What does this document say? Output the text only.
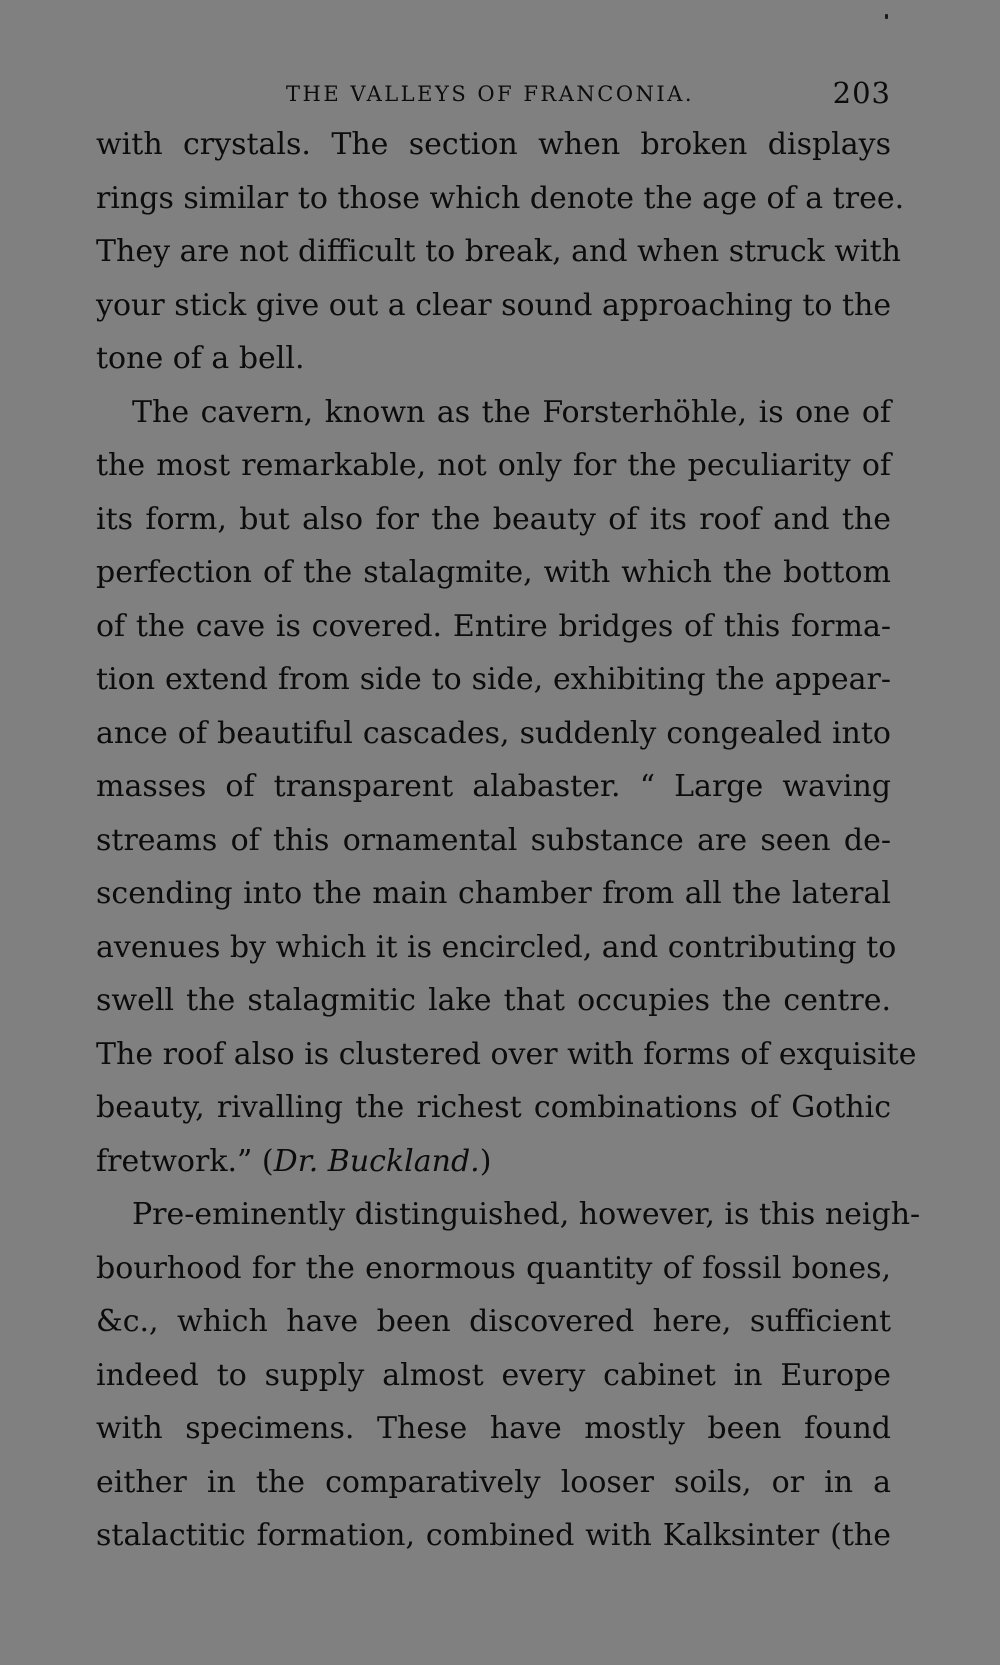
THE VALLEYS OF FRANCONIA.	203

with crystals. The section when broken displays
rings similar to those which denote the age of a tree.
They are not difficult to break, and when struck with
your stick give out a clear sound approaching to the
tone of a bell.

The cavern, known as the Forsterhöhle, is one of
the most remarkable, not only for the peculiarity of
its form, but also for the beauty of its roof and the
perfection of the stalagmite, with which the bottom
of the cave is covered. Entire bridges of this forma-
tion extend from side to side, exhibiting the appear-
ance of beautiful cascades, suddenly congealed into
masses of transparent alabaster. “ Large waving
streams of this ornamental substance are seen de-
scending into the main chamber from all the lateral
avenues by which it is encircled, and contributing to
swell the stalagmitic lake that occupies the centre.
The roof also is clustered over with forms of exquisite
beauty, rivalling the richest combinations of Gothic
fretwork.” (Dr. Buckland.)

Pre-eminently distinguished, however, is this neigh-
bourhood for the enormous quantity of fossil bones,
&c., which have been discovered here, sufficient
indeed to supply almost every cabinet in Europe
with specimens. These have mostly been found
either in the comparatively looser soils, or in a
stalactitic formation, combined with Kalksinter (the
